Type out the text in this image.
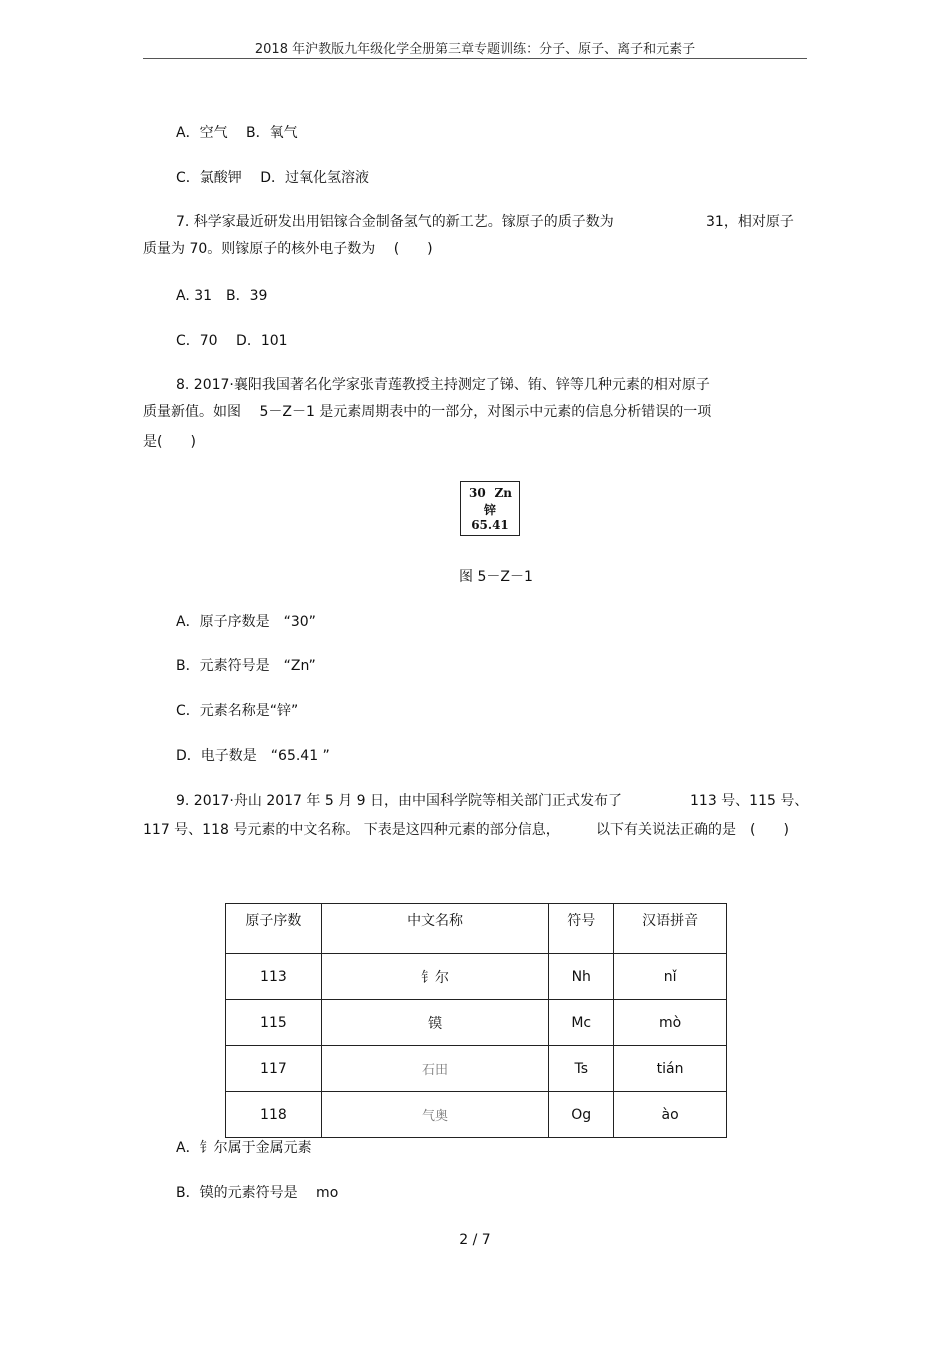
2018 年沪教版九年级化学全册第三章专题训练：分子、原子、离子和元素子
A．空气　 B．氧气
C．氯酸钾　 D．过氧化氢溶液
7. 科学家最近研发出用铝镓合金制备氢气的新工艺。镓原子的质子数为	31，相对原子
质量为 70。则镓原子的核外电子数为　 (　　)
A. 31　B．39
C．70　 D．101
8. 2017·襄阳我国著名化学家张青莲教授主持测定了锑、铕、锌等几种元素的相对原子
质量新值。如图　 5－Z－1 是元素周期表中的一部分，对图示中元素的信息分析错误的一项
是(　　)
30 Zn
锌
65.41
图 5－Z－1
A．原子序数是　“30”
B．元素符号是　“Zn”
C．元素名称是“锌”
D．电子数是　“65.41 ”
9. 2017·舟山 2017 年 5 月 9 日，由中国科学院等相关部门正式发布了	113 号、115 号、
117 号、118 号元素的中文名称。 下表是这四种元素的部分信息，	以下有关说法正确的是　(　　)
原子序数	中文名称	符号	汉语拼音
113	钅尔	Nh	nǐ
115	镆	Mc	mò
117	石田	Ts	tián
118	气奥	Og	ào
A．钅尔属于金属元素
B．镆的元素符号是　 mo
2 / 7
